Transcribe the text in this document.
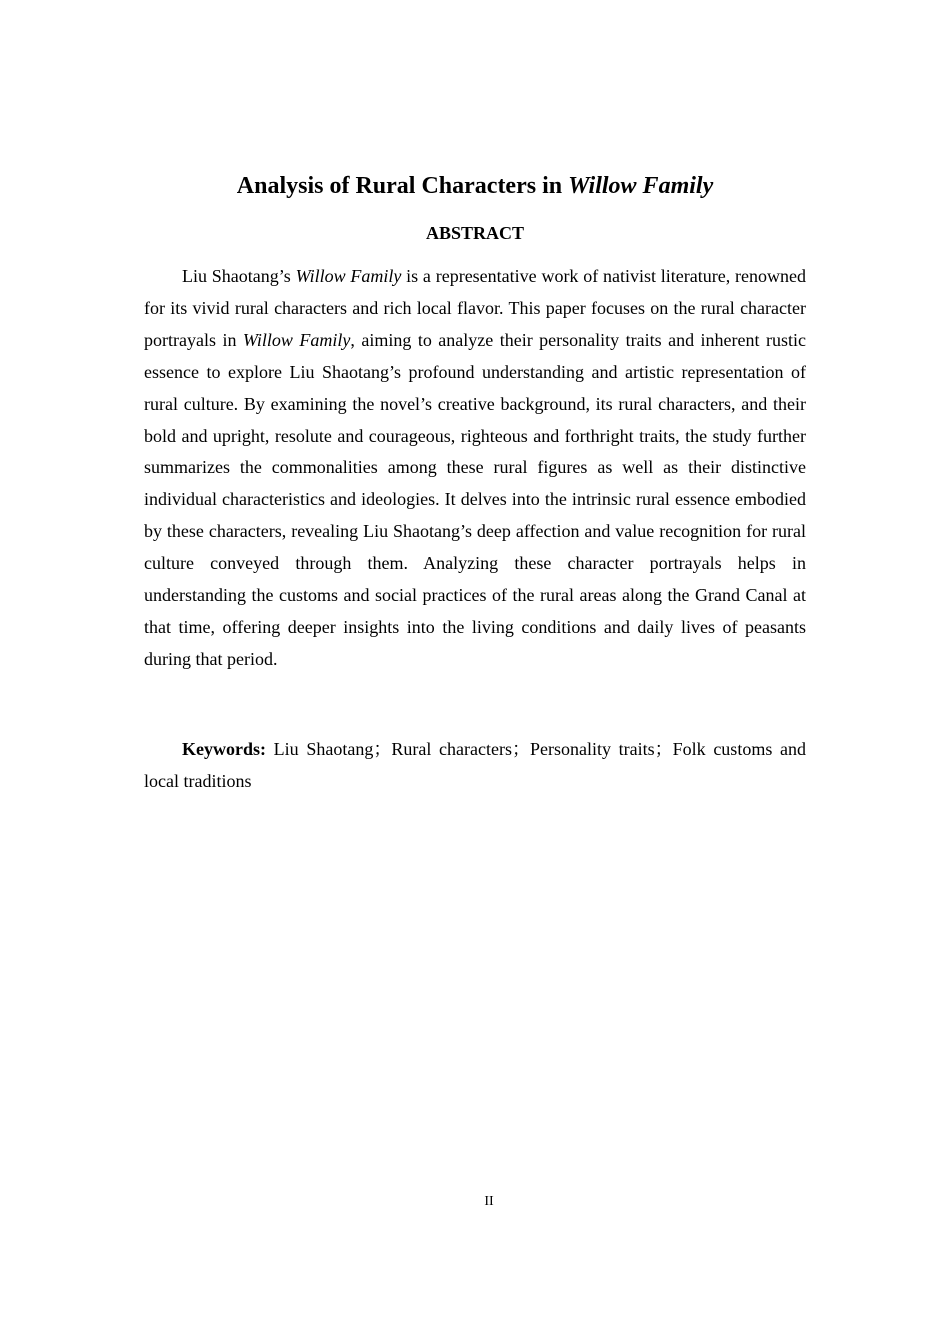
Analysis of Rural Characters in Willow Family
ABSTRACT

Liu Shaotang’s Willow Family is a representative work of nativist literature, renowned for its vivid rural characters and rich local flavor. This paper focuses on the rural character portrayals in Willow Family, aiming to analyze their personality traits and inherent rustic essence to explore Liu Shaotang’s profound understanding and artistic representation of rural culture. By examining the novel’s creative background, its rural characters, and their bold and upright, resolute and courageous, righteous and forthright traits, the study further summarizes the commonalities among these rural figures as well as their distinctive individual characteristics and ideologies. It delves into the intrinsic rural essence embodied by these characters, revealing Liu Shaotang’s deep affection and value recognition for rural culture conveyed through them. Analyzing these character portrayals helps in understanding the customs and social practices of the rural areas along the Grand Canal at that time, offering deeper insights into the living conditions and daily lives of peasants during that period.

Keywords: Liu Shaotang；Rural characters；Personality traits；Folk customs and local traditions

II
